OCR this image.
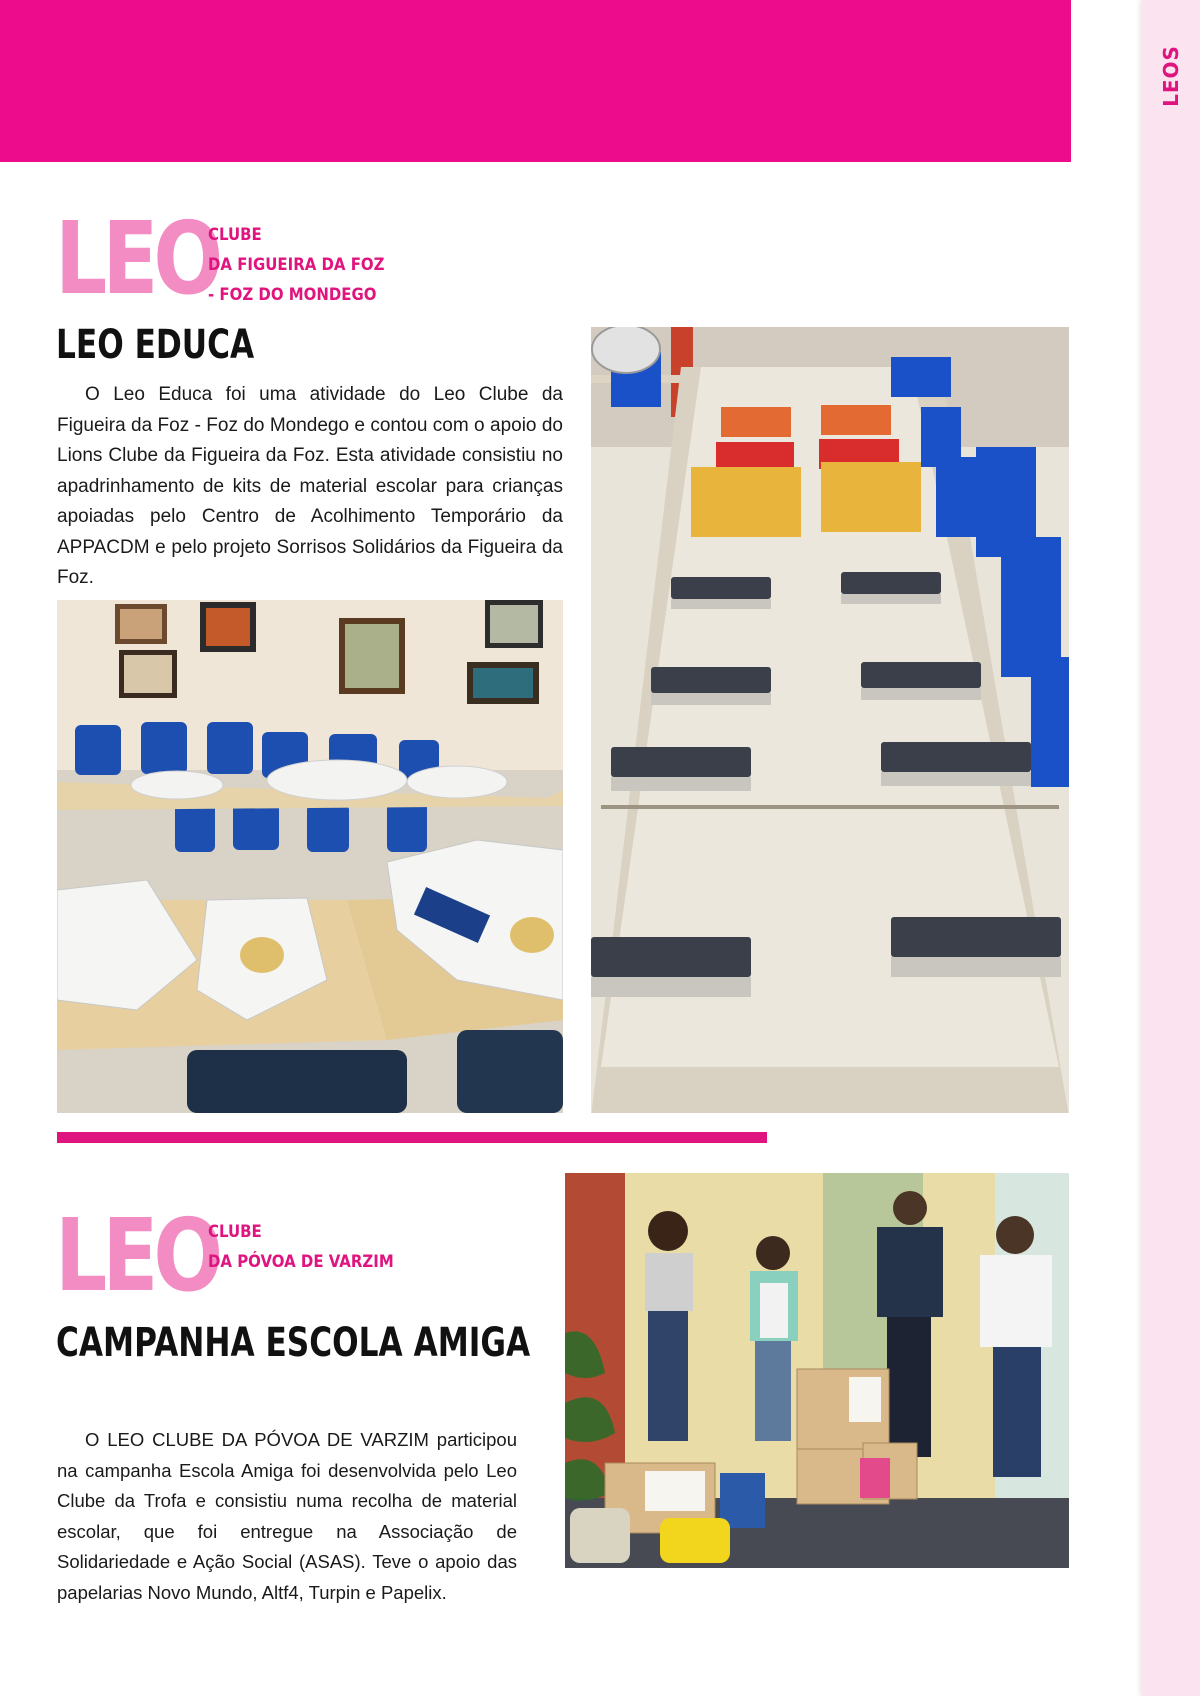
LEOS
LEO
CLUBE
DA FIGUEIRA DA FOZ
- FOZ DO MONDEGO
LEO EDUCA

O Leo Educa foi uma atividade do Leo Clube da Figueira da Foz - Foz do Mondego e contou com o apoio do Lions Clube da Figueira da Foz. Esta atividade consistiu no apadrinhamento de kits de material escolar para crianças apoiadas pelo Centro de Acolhimento Temporário da APPACDM e pelo projeto Sorrisos Solidários da Figueira da Foz.

LEO
CLUBE
DA PÓVOA DE VARZIM
CAMPANHA ESCOLA AMIGA

O LEO CLUBE DA PÓVOA DE VARZIM participou na campanha Escola Amiga foi desenvolvida pelo Leo Clube da Trofa e consistiu numa recolha de material escolar, que foi entregue na Associação de Solidariedade e Ação Social (ASAS). Teve o apoio das papelarias Novo Mundo, Altf4, Turpin e Papelix.
